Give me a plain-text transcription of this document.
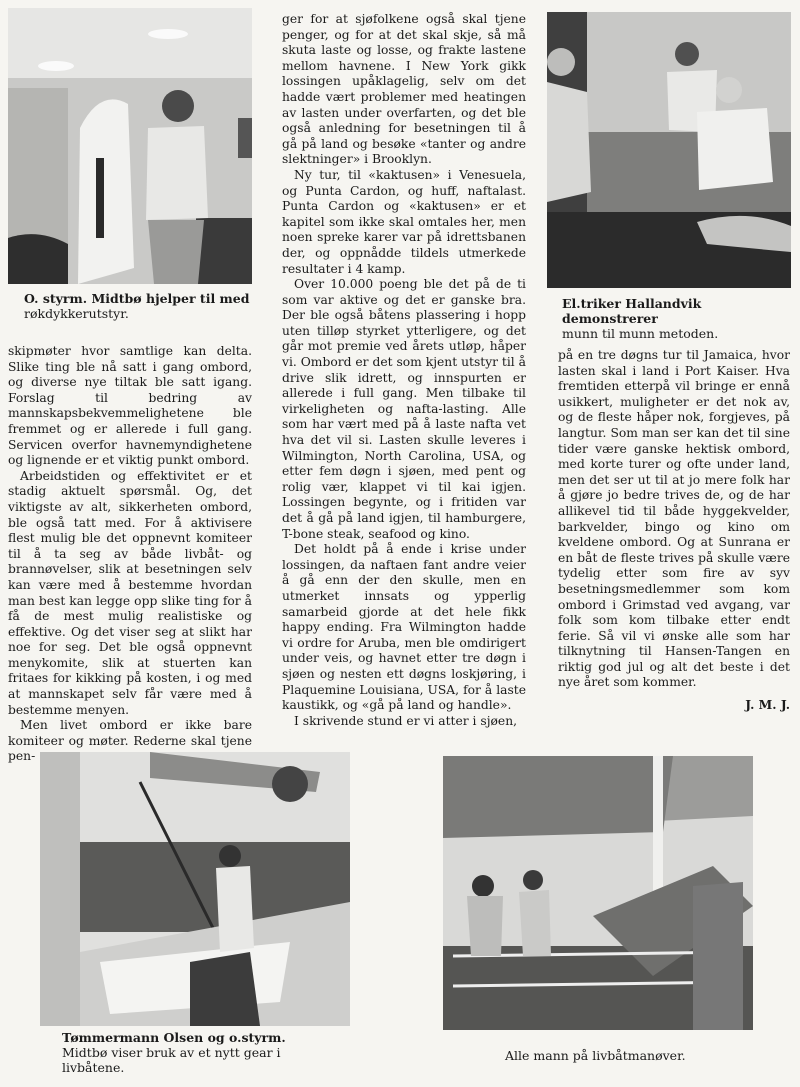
O. styrm. Midtbø hjelper til med
røkdykkerutstyr.
El.triker Hallandvik demonstrerer
munn til munn metoden.

skipmøter hvor samtlige kan delta. Slike ting ble nå satt i gang ombord, og diverse nye tiltak ble satt igang. Forslag til bedring av mannskapsbekvemmelighetene ble fremmet og er allerede i full gang. Servicen overfor havnemyndighetene og lignende er et viktig punkt ombord.

Arbeidstiden og effektivitet er et stadig aktuelt spørsmål. Og, det viktigste av alt, sikkerheten ombord, ble også tatt med. For å aktivisere flest mulig ble det oppnevnt komiteer til å ta seg av både livbåt- og brannøvelser, slik at besetningen selv kan være med å bestemme hvordan man best kan legge opp slike ting for å få de mest mulig realistiske og effektive. Og det viser seg at slikt har noe for seg. Det ble også oppnevnt menykomite, slik at stuerten kan fritaes for kikking på kosten, i og med at mannskapet selv får være med å bestemme menyen.

Men livet ombord er ikke bare komiteer og møter. Rederne skal tjene pen-

ger for at sjøfolkene også skal tjene penger, og for at det skal skje, så må skuta laste og losse, og frakte lastene mellom havnene. I New York gikk lossingen upåklagelig, selv om det hadde vært problemer med heatingen av lasten under overfarten, og det ble også anledning for besetningen til å gå på land og besøke «tanter og andre slektninger» i Brooklyn.

Ny tur, til «kaktusen» i Venesuela, og Punta Cardon, og huff, naftalast. Punta Cardon og «kaktusen» er et kapitel som ikke skal omtales her, men noen spreke karer var på idrettsbanen der, og oppnådde tildels utmerkede resultater i 4 kamp.

Over 10.000 poeng ble det på de ti som var aktive og det er ganske bra. Der ble også båtens plassering i hopp uten tilløp styrket ytterligere, og det går mot premie ved årets utløp, håper vi. Ombord er det som kjent utstyr til å drive slik idrett, og innspurten er allerede i full gang. Men tilbake til virkeligheten og nafta-lasting. Alle som har vært med på å laste nafta vet hva det vil si. Lasten skulle leveres i Wilmington, North Carolina, USA, og etter fem døgn i sjøen, med pent og rolig vær, klappet vi til kai igjen. Lossingen begynte, og i fritiden var det å gå på land igjen, til hamburgere, T-bone steak, seafood og kino.

Det holdt på å ende i krise under lossingen, da naftaen fant andre veier å gå enn der den skulle, men en utmerket innsats og ypperlig samarbeid gjorde at det hele fikk happy ending. Fra Wilmington hadde vi ordre for Aruba, men ble omdirigert under veis, og havnet etter tre døgn i sjøen og nesten ett døgns loskjøring, i Plaquemine Louisiana, USA, for å laste kaustikk, og «gå på land og handle».

I skrivende stund er vi atter i sjøen,

på en tre døgns tur til Jamaica, hvor lasten skal i land i Port Kaiser. Hva fremtiden etterpå vil bringe er ennå usikkert, muligheter er det nok av, og de fleste håper nok, forgjeves, på langtur. Som man ser kan det til sine tider være ganske hektisk ombord, med korte turer og ofte under land, men det ser ut til at jo mere folk har å gjøre jo bedre trives de, og de har allikevel tid til både hyggekvelder, barkvelder, bingo og kino om kveldene ombord. Og at Sunrana er en båt de fleste trives på skulle være tydelig etter som fire av syv besetningsmedlemmer som kom ombord i Grimstad ved avgang, var folk som kom tilbake etter endt ferie. Så vil vi ønske alle som har tilknytning til Hansen-Tangen en riktig god jul og alt det beste i det nye året som kommer.

J. M. J.
Tømmermann Olsen og o.styrm.
Midtbø viser bruk av et nytt gear i livbåtene.
Alle mann på livbåtmanøver.
